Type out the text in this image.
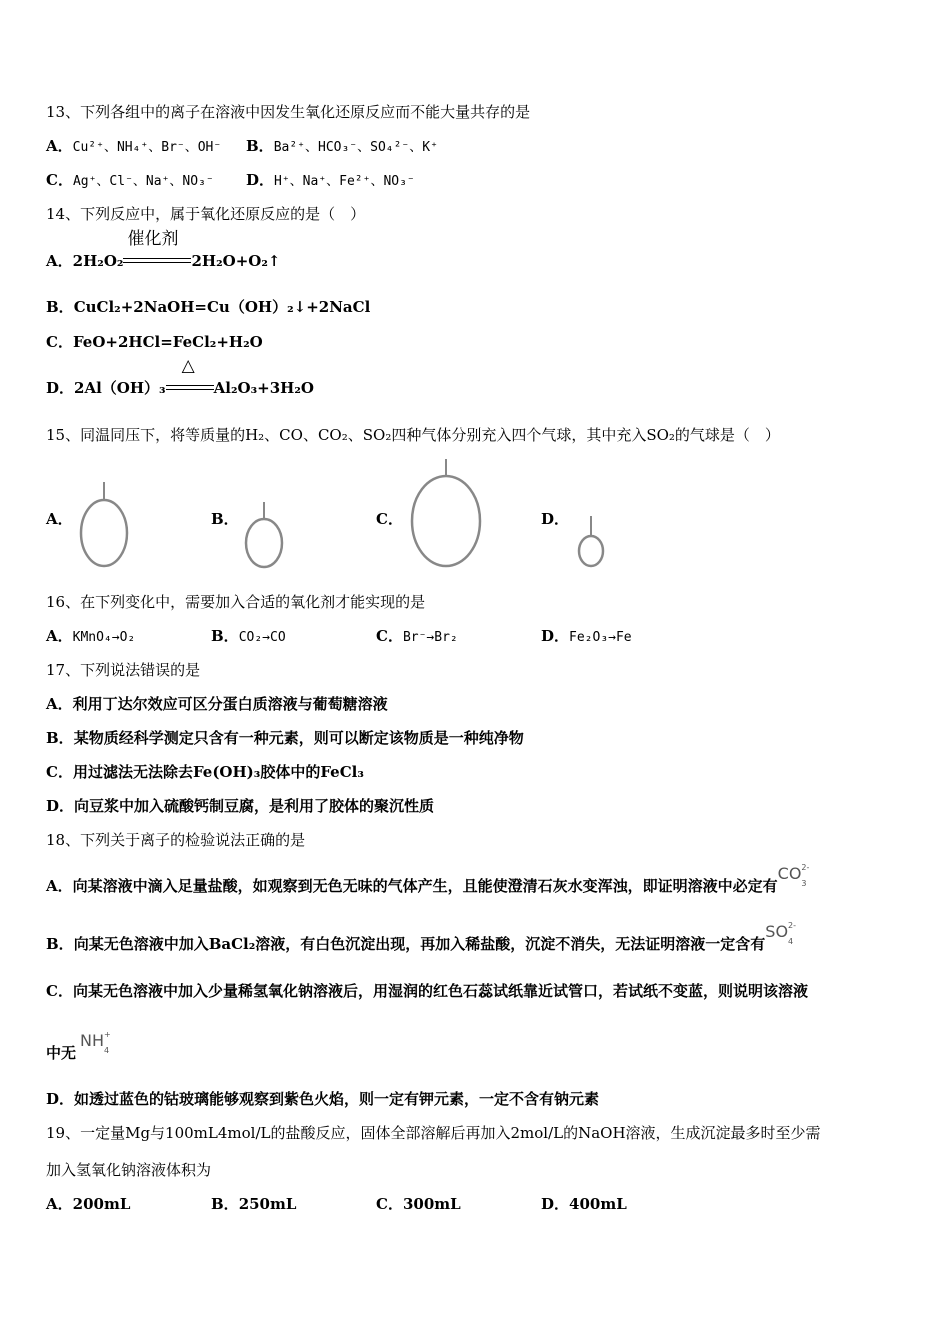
13、下列各组中的离子在溶液中因发生氧化还原反应而不能大量共存的是
A．Cu²⁺、NH₄⁺、Br⁻、OH⁻ B．Ba²⁺、HCO₃⁻、SO₄²⁻、K⁺
C．Ag⁺、Cl⁻、Na⁺、NO₃⁻ D．H⁺、Na⁺、Fe²⁺、NO₃⁻
14、下列反应中，属于氧化还原反应的是（　）
A．2H₂O₂
催化剂
2H₂O+O₂↑
B．CuCl₂+2NaOH=Cu（OH）₂↓+2NaCl
C．FeO+2HCl=FeCl₂+H₂O
D．2Al（OH）₃
△
Al₂O₃+3H₂O
15、同温同压下，将等质量的H₂、CO、CO₂、SO₂四种气体分别充入四个气球，其中充入SO₂的气球是（　）
A．	B．	C．	D．
16、在下列变化中，需要加入合适的氧化剂才能实现的是
A．KMnO₄→O₂	B．CO₂→CO	C．Br⁻→Br₂	D．Fe₂O₃→Fe
17、下列说法错误的是
A．利用丁达尔效应可区分蛋白质溶液与葡萄糖溶液
B．某物质经科学测定只含有一种元素，则可以断定该物质是一种纯净物
C．用过滤法无法除去Fe(OH)₃胶体中的FeCl₃
D．向豆浆中加入硫酸钙制豆腐，是利用了胶体的聚沉性质
18、下列关于离子的检验说法正确的是
A．向某溶液中滴入足量盐酸，如观察到无色无味的气体产生，且能使澄清石灰水变浑浊，即证明溶液中必定有CO 2-
3
B．向某无色溶液中加入BaCl₂溶液，有白色沉淀出现，再加入稀盐酸，沉淀不消失，无法证明溶液一定含有SO 2-
4
C．向某无色溶液中加入少量稀氢氧化钠溶液后，用湿润的红色石蕊试纸靠近试管口，若试纸不变蓝，则说明该溶液
中无NH +
4
D．如透过蓝色的钴玻璃能够观察到紫色火焰，则一定有钾元素，一定不含有钠元素
19、一定量Mg与100mL4mol/L的盐酸反应，固体全部溶解后再加入2mol/L的NaOH溶液，生成沉淀最多时至少需
加入氢氧化钠溶液体积为
A．200mL	B．250mL	C．300mL	D．400mL
